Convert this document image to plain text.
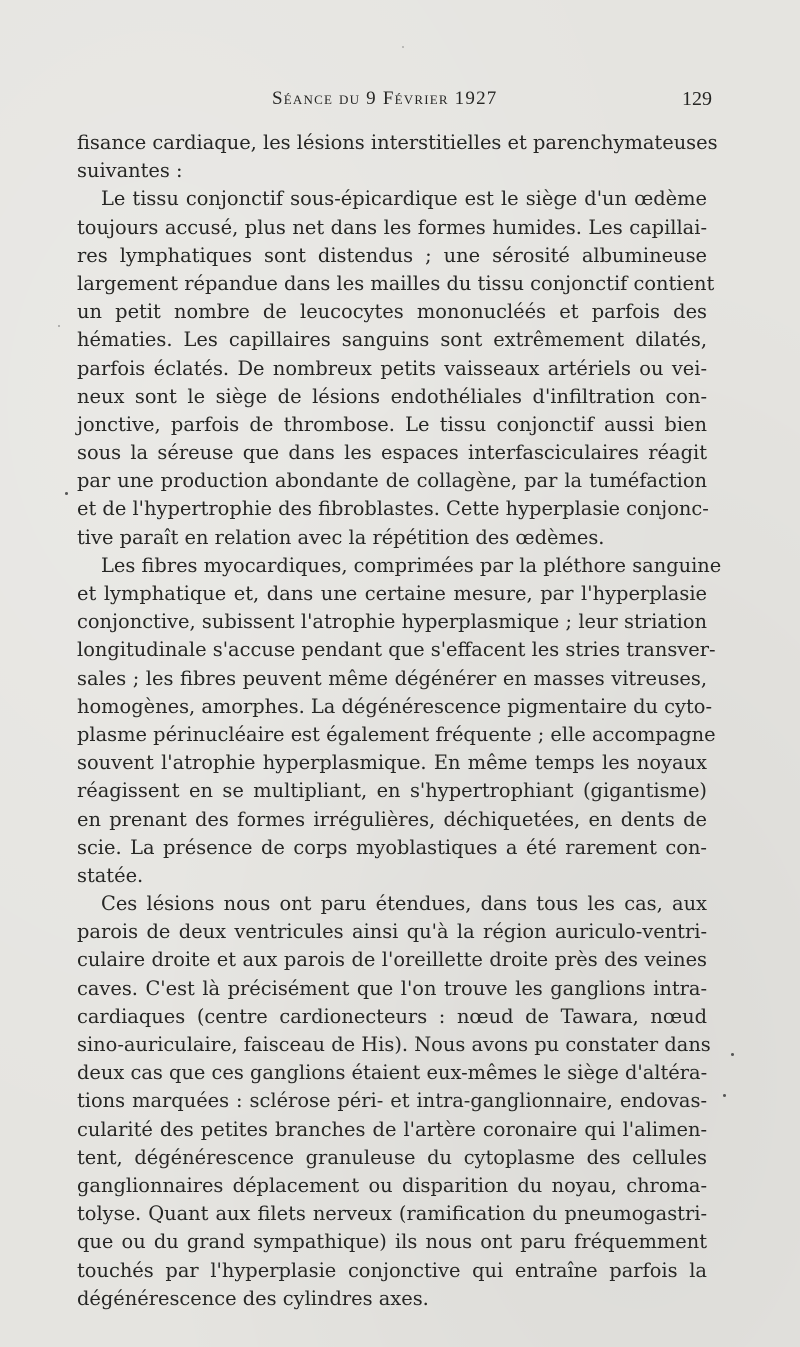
Séance du 9 Février 1927	129
fisance cardiaque, les lésions interstitielles et parenchymateuses
suivantes :
Le tissu conjonctif sous-épicardique est le siège d'un œdème
toujours accusé, plus net dans les formes humides. Les capillai-
res lymphatiques sont distendus ; une sérosité albumineuse
largement répandue dans les mailles du tissu conjonctif contient
un petit nombre de leucocytes mononucléés et parfois des
hématies. Les capillaires sanguins sont extrêmement dilatés,
parfois éclatés. De nombreux petits vaisseaux artériels ou vei-
neux sont le siège de lésions endothéliales d'infiltration con-
jonctive, parfois de thrombose. Le tissu conjonctif aussi bien
sous la séreuse que dans les espaces interfasciculaires réagit
par une production abondante de collagène, par la tuméfaction
et de l'hypertrophie des fibroblastes. Cette hyperplasie conjonc-
tive paraît en relation avec la répétition des œdèmes.
Les fibres myocardiques, comprimées par la pléthore sanguine
et lymphatique et, dans une certaine mesure, par l'hyperplasie
conjonctive, subissent l'atrophie hyperplasmique ; leur striation
longitudinale s'accuse pendant que s'effacent les stries transver-
sales ; les fibres peuvent même dégénérer en masses vitreuses,
homogènes, amorphes. La dégénérescence pigmentaire du cyto-
plasme périnucléaire est également fréquente ; elle accompagne
souvent l'atrophie hyperplasmique. En même temps les noyaux
réagissent en se multipliant, en s'hypertrophiant (gigantisme)
en prenant des formes irrégulières, déchiquetées, en dents de
scie. La présence de corps myoblastiques a été rarement con-
statée.
Ces lésions nous ont paru étendues, dans tous les cas, aux
parois de deux ventricules ainsi qu'à la région auriculo-ventri-
culaire droite et aux parois de l'oreillette droite près des veines
caves. C'est là précisément que l'on trouve les ganglions intra-
cardiaques (centre cardionecteurs : nœud de Tawara, nœud
sino-auriculaire, faisceau de His). Nous avons pu constater dans
deux cas que ces ganglions étaient eux-mêmes le siège d'altéra-
tions marquées : sclérose péri- et intra-ganglionnaire, endovas-
cularité des petites branches de l'artère coronaire qui l'alimen-
tent, dégénérescence granuleuse du cytoplasme des cellules
ganglionnaires déplacement ou disparition du noyau, chroma-
tolyse. Quant aux filets nerveux (ramification du pneumogastri-
que ou du grand sympathique) ils nous ont paru fréquemment
touchés par l'hyperplasie conjonctive qui entraîne parfois la
dégénérescence des cylindres axes.
